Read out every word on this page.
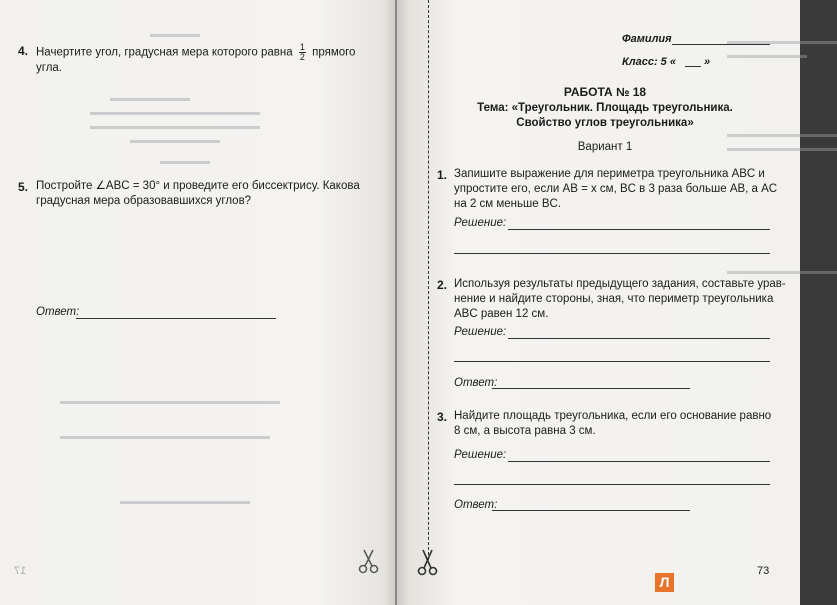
▬▬▬▬▬
▬▬▬▬▬▬▬▬
▬▬▬▬▬▬▬▬▬▬▬▬▬▬▬▬▬
▬▬▬▬▬▬▬▬▬▬▬▬▬▬▬▬▬
▬▬▬▬▬▬▬▬▬
▬▬▬▬▬
▬▬▬▬▬▬▬▬▬▬▬▬▬▬▬▬▬▬▬▬▬▬
▬▬▬▬▬▬▬▬▬▬▬▬▬▬▬▬▬▬▬▬▬
▬▬▬▬▬▬▬▬▬▬▬▬▬
4. Начертите угол, градусная мера которого равна $\frac{1}{2}$ прямого
угла.
5. Постройте ∠ABC = 30° и проведите его биссектрису. Какова
градусная мера образовавшихся углов?
Ответ:
17
▬▬▬▬▬▬▬▬▬▬▬
▬▬▬▬▬▬▬▬
▬▬▬▬▬▬▬▬▬▬▬
▬▬▬▬▬▬▬▬▬▬▬
▬▬▬▬▬▬▬▬▬▬▬
Фамилия
Класс: 5 «	»
РАБОТА № 18
Тема: «Треугольник. Площадь треугольника.
Свойство углов треугольника»
Вариант 1
1. Запишите выражение для периметра треугольника ABC и
упростите его, если AB = x см, BC в 3 раза больше AB, а AC
на 2 см меньше BC.
Решение:
2. Используя результаты предыдущего задания, составьте урав-
нение и найдите стороны, зная, что периметр треугольника
ABC равен 12 см.
Решение:
Ответ:
3. Найдите площадь треугольника, если его основание равно
8 см, а высота равна 3 см.
Решение:
Ответ:
Л
73
